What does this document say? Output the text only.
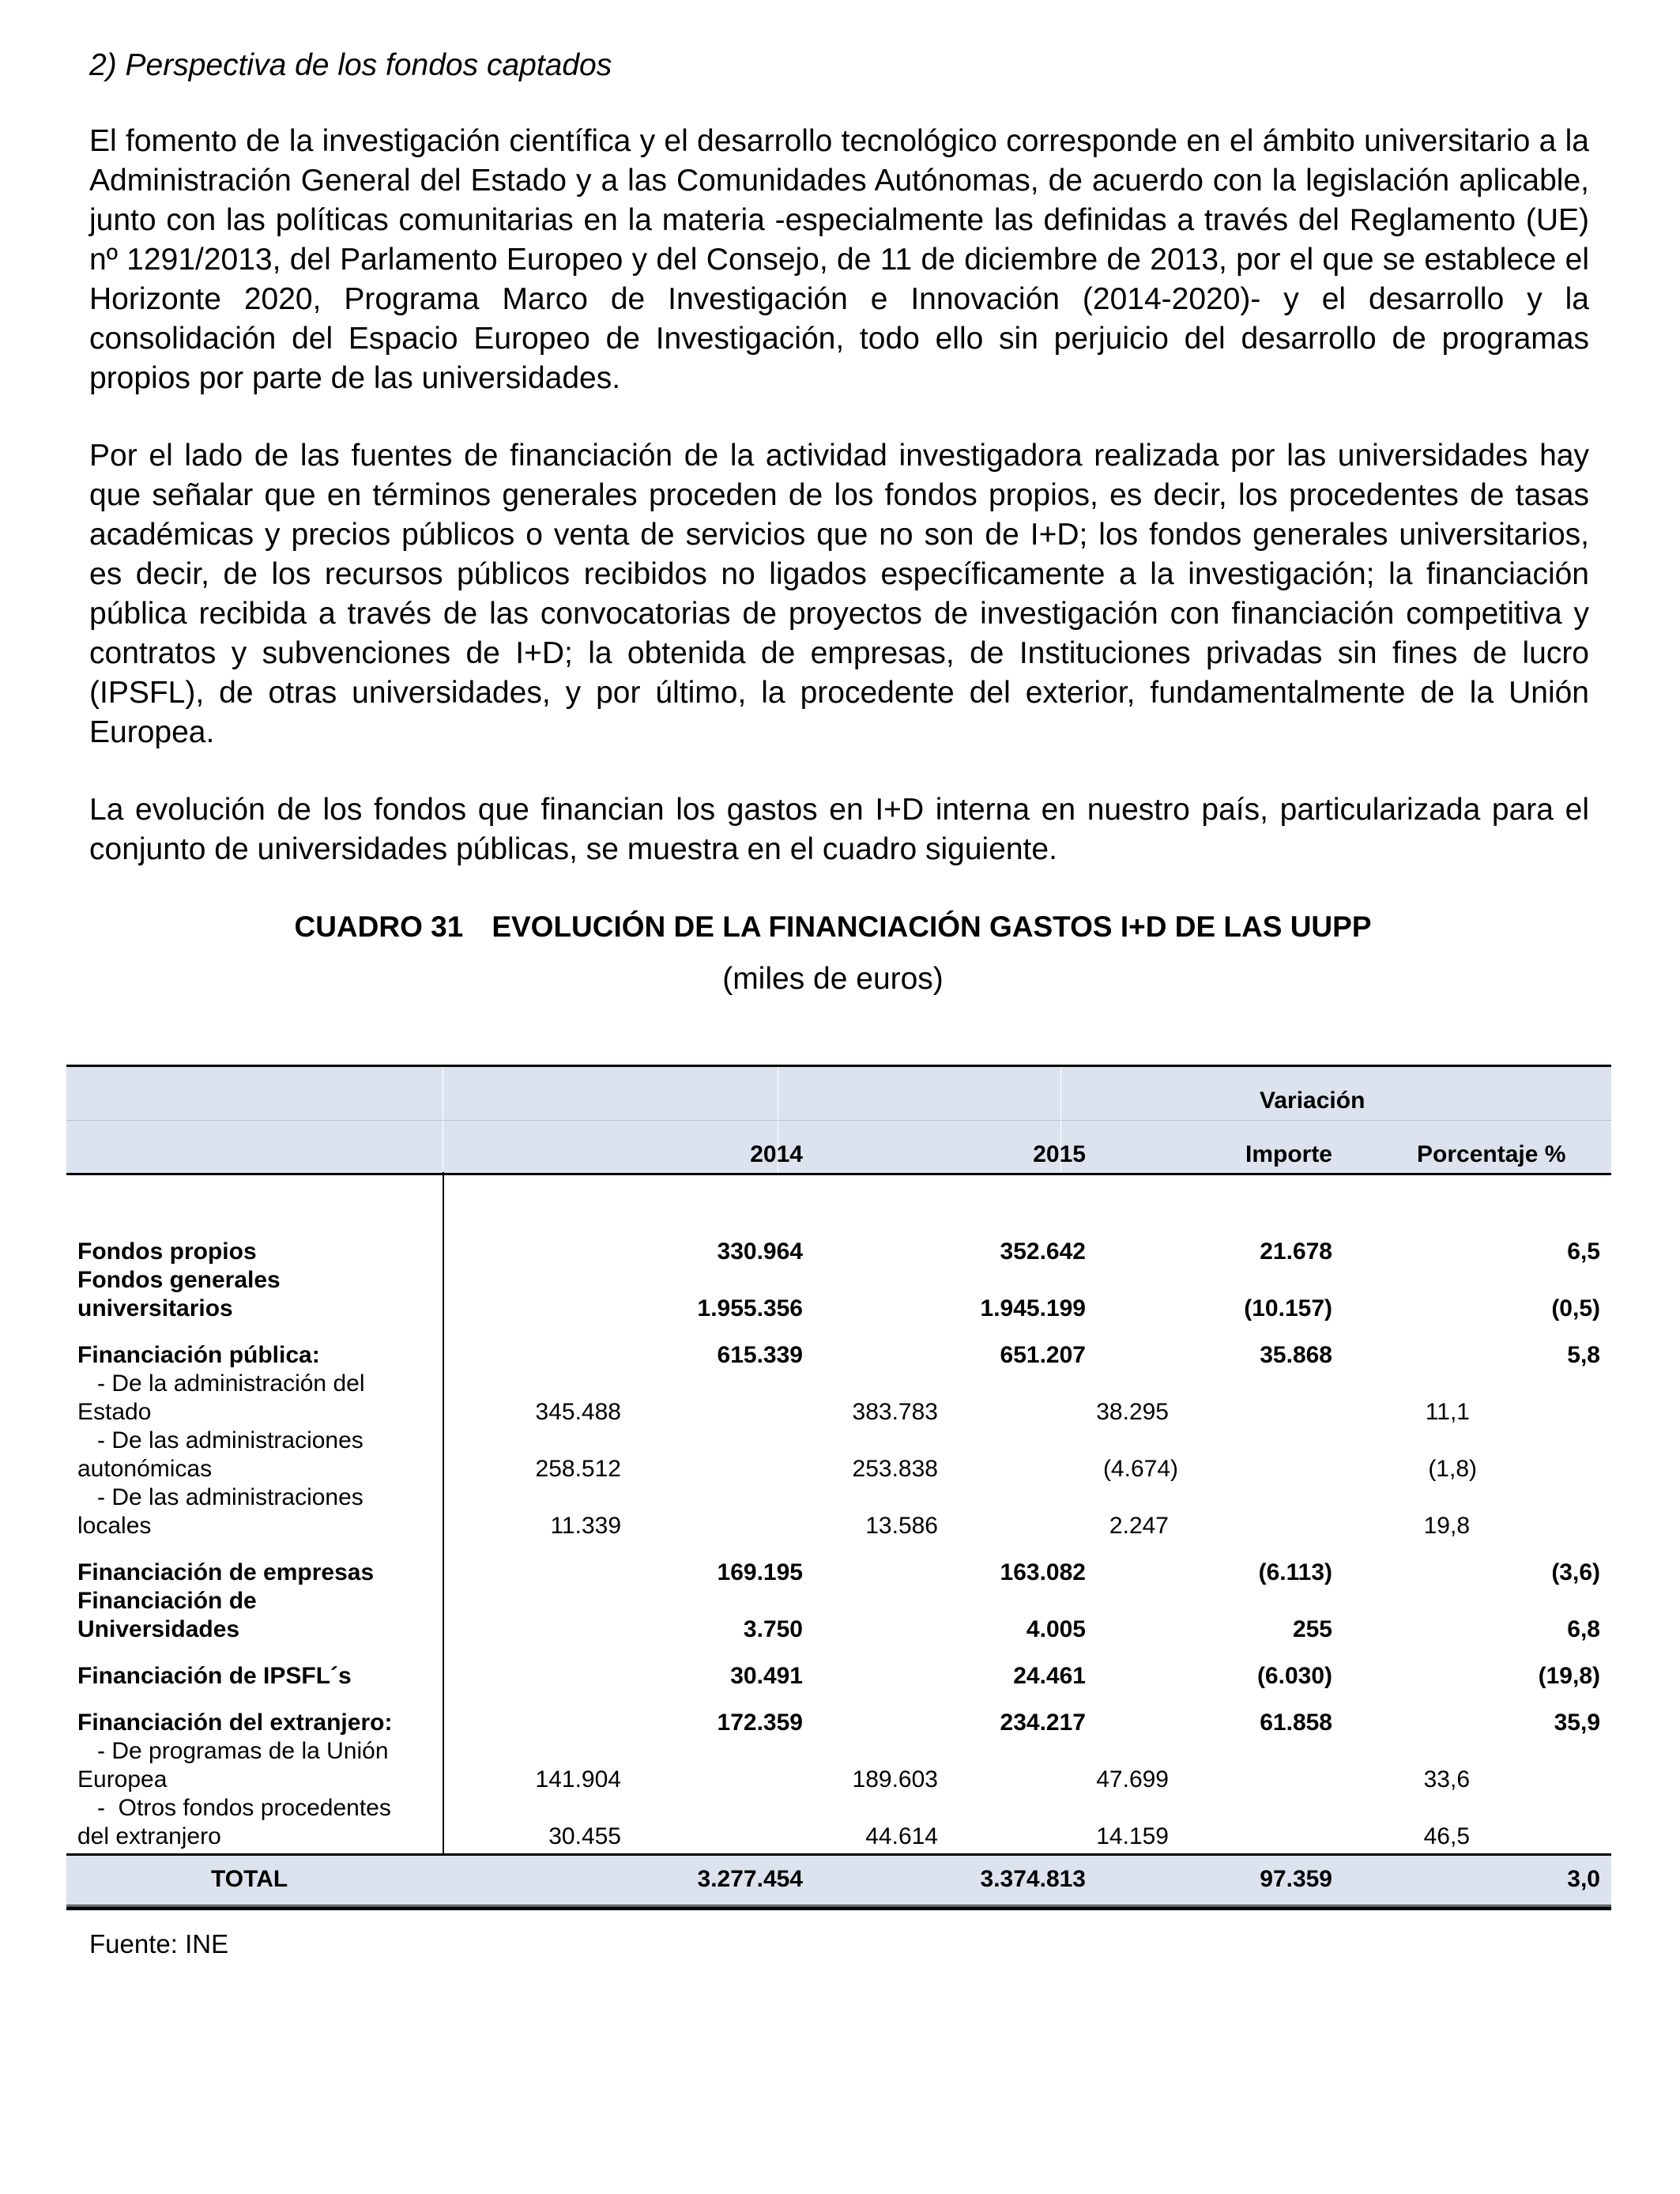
2) Perspectiva de los fondos captados

El fomento de la investigación científica y el desarrollo tecnológico corresponde en el ámbito universitario a la Administración General del Estado y a las Comunidades Autónomas, de acuerdo con la legislación aplicable, junto con las políticas comunitarias en la materia -especialmente las definidas a través del Reglamento (UE) nº 1291/2013, del Parlamento Europeo y del Consejo, de 11 de diciembre de 2013, por el que se establece el Horizonte 2020, Programa Marco de Investigación e Innovación (2014-2020)- y el desarrollo y la consolidación del Espacio Europeo de Investigación, todo ello sin perjuicio del desarrollo de programas propios por parte de las universidades.

Por el lado de las fuentes de financiación de la actividad investigadora realizada por las universidades hay que señalar que en términos generales proceden de los fondos propios, es decir, los procedentes de tasas académicas y precios públicos o venta de servicios que no son de I+D; los fondos generales universitarios, es decir, de los recursos públicos recibidos no ligados específicamente a la investigación; la financiación pública recibida a través de las convocatorias de proyectos de investigación con financiación competitiva y contratos y subvenciones de I+D; la obtenida de empresas, de Instituciones privadas sin fines de lucro (IPSFL), de otras universidades, y por último, la procedente del exterior, fundamentalmente de la Unión Europea.

La evolución de los fondos que financian los gastos en I+D interna en nuestro país, particularizada para el conjunto de universidades públicas, se muestra en el cuadro siguiente.

CUADRO 31 EVOLUCIÓN DE LA FINANCIACIÓN GASTOS I+D DE LAS UUPP
(miles de euros)
Variación
2014	2015	Importe	Porcentaje %
Fondos propios	330.964	352.642	21.678	6,5
Fondos generales
universitarios	1.955.356	1.945.199	(10.157)	(0,5)
Financiación pública:	615.339	651.207	35.868	5,8
- De la administración del
Estado	345.488	383.783	38.295	11,1
- De las administraciones
autonómicas	258.512	253.838	(4.674)	(1,8)
- De las administraciones
locales	11.339	13.586	2.247	19,8
Financiación de empresas	169.195	163.082	(6.113)	(3,6)
Financiación de
Universidades	3.750	4.005	255	6,8
Financiación de IPSFL´s	30.491	24.461	(6.030)	(19,8)
Financiación del extranjero:	172.359	234.217	61.858	35,9
- De programas de la Unión
Europea	141.904	189.603	47.699	33,6
-  Otros fondos procedentes
del extranjero	30.455	44.614	14.159	46,5
TOTAL	3.277.454	3.374.813	97.359	3,0
Fuente: INE
